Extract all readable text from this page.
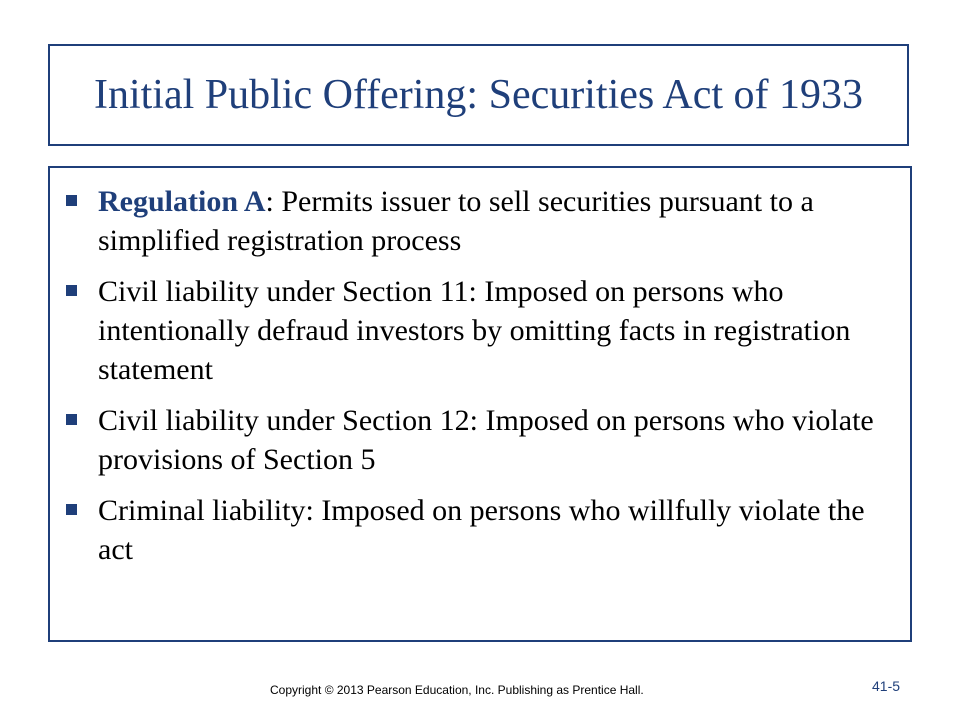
Initial Public Offering: Securities Act of 1933
Regulation A: Permits issuer to sell securities pursuant to a simplified registration process
Civil liability under Section 11: Imposed on persons who intentionally defraud investors by omitting facts in registration statement
Civil liability under Section 12: Imposed on persons who violate provisions of Section 5
Criminal liability: Imposed on persons who willfully violate the act
Copyright © 2013 Pearson Education, Inc. Publishing as Prentice Hall.	41-5
